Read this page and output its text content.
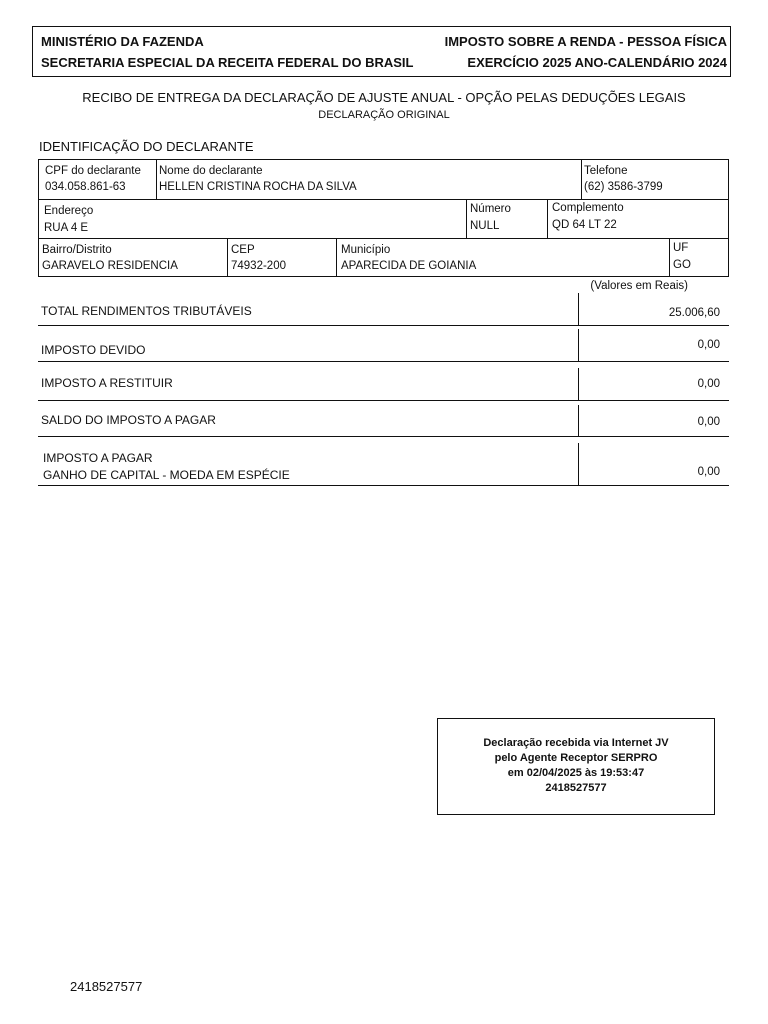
MINISTÉRIO DA FAZENDA
SECRETARIA ESPECIAL DA RECEITA FEDERAL DO BRASIL
IMPOSTO SOBRE A RENDA - PESSOA FÍSICA
EXERCÍCIO 2025 ANO-CALENDÁRIO 2024
RECIBO DE ENTREGA DA DECLARAÇÃO DE AJUSTE ANUAL - OPÇÃO PELAS DEDUÇÕES LEGAIS
DECLARAÇÃO ORIGINAL
IDENTIFICAÇÃO DO DECLARANTE
CPF do declarante
034.058.861-63
Nome do declarante
HELLEN CRISTINA ROCHA DA SILVA
Telefone
(62) 3586-3799
Endereço
RUA 4 E
Número
NULL
Complemento
QD 64 LT 22
Bairro/Distrito
GARAVELO RESIDENCIA
CEP
74932-200
Município
APARECIDA DE GOIANIA
UF
GO
(Valores em Reais)
TOTAL RENDIMENTOS TRIBUTÁVEIS	25.006,60
IMPOSTO DEVIDO	0,00
IMPOSTO A RESTITUIR	0,00
SALDO DO IMPOSTO A PAGAR	0,00
IMPOSTO A PAGAR
GANHO DE CAPITAL - MOEDA EM ESPÉCIE	0,00
Declaração recebida via Internet JV
pelo Agente Receptor SERPRO
em 02/04/2025 às 19:53:47
2418527577
2418527577
